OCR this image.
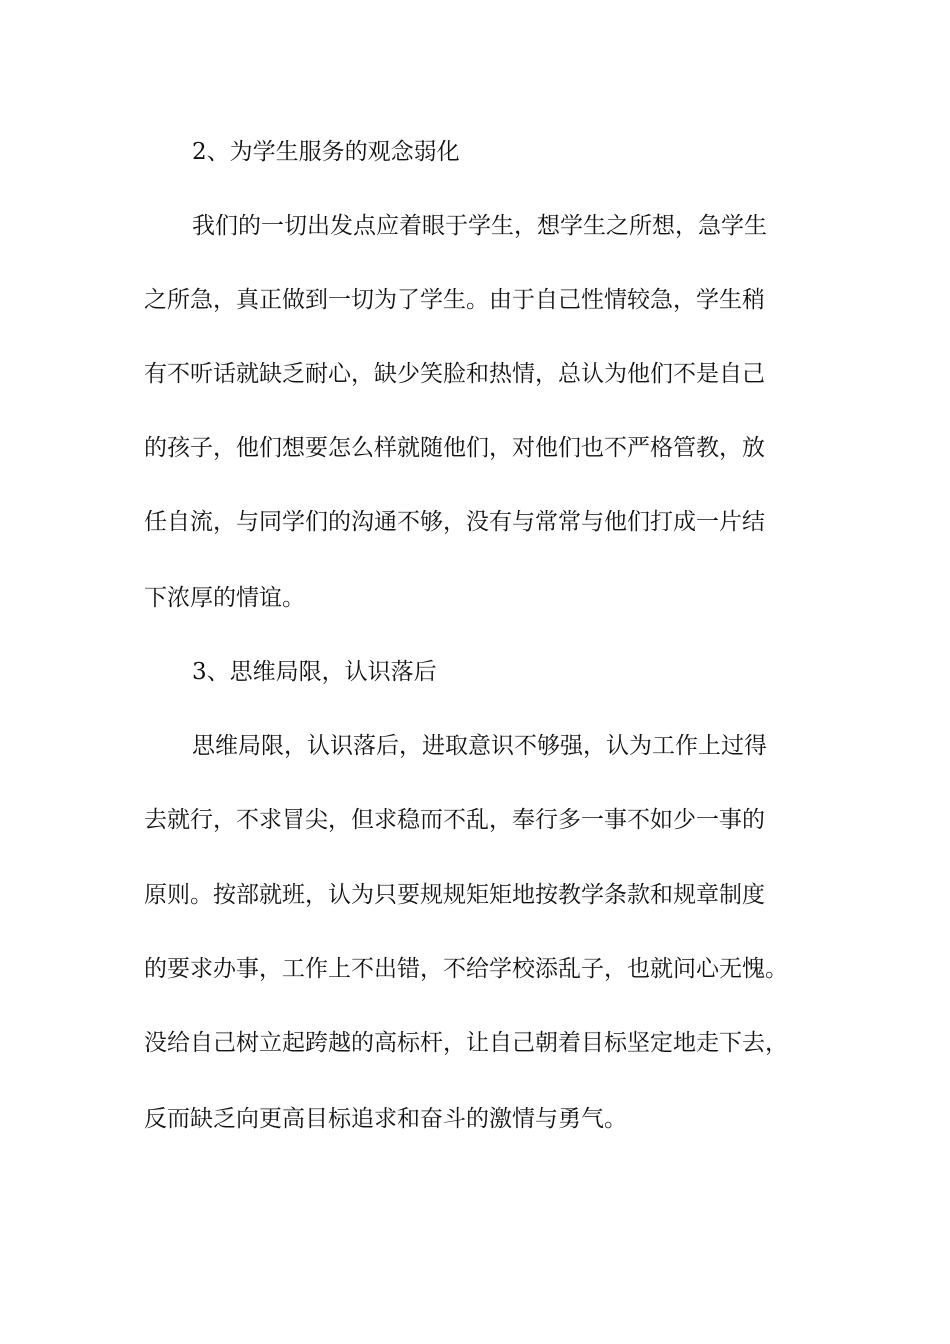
2、为学生服务的观念弱化

我们的一切出发点应着眼于学生，想学生之所想，急学生

之所急，真正做到一切为了学生。由于自己性情较急，学生稍

有不听话就缺乏耐心，缺少笑脸和热情，总认为他们不是自己

的孩子，他们想要怎么样就随他们，对他们也不严格管教，放

任自流，与同学们的沟通不够，没有与常常与他们打成一片结

下浓厚的情谊。

3、思维局限，认识落后

思维局限，认识落后，进取意识不够强，认为工作上过得

去就行，不求冒尖，但求稳而不乱，奉行多一事不如少一事的

原则。按部就班，认为只要规规矩矩地按教学条款和规章制度

的要求办事，工作上不出错，不给学校添乱子，也就问心无愧。

没给自己树立起跨越的高标杆，让自己朝着目标坚定地走下去，

反而缺乏向更高目标追求和奋斗的激情与勇气。
